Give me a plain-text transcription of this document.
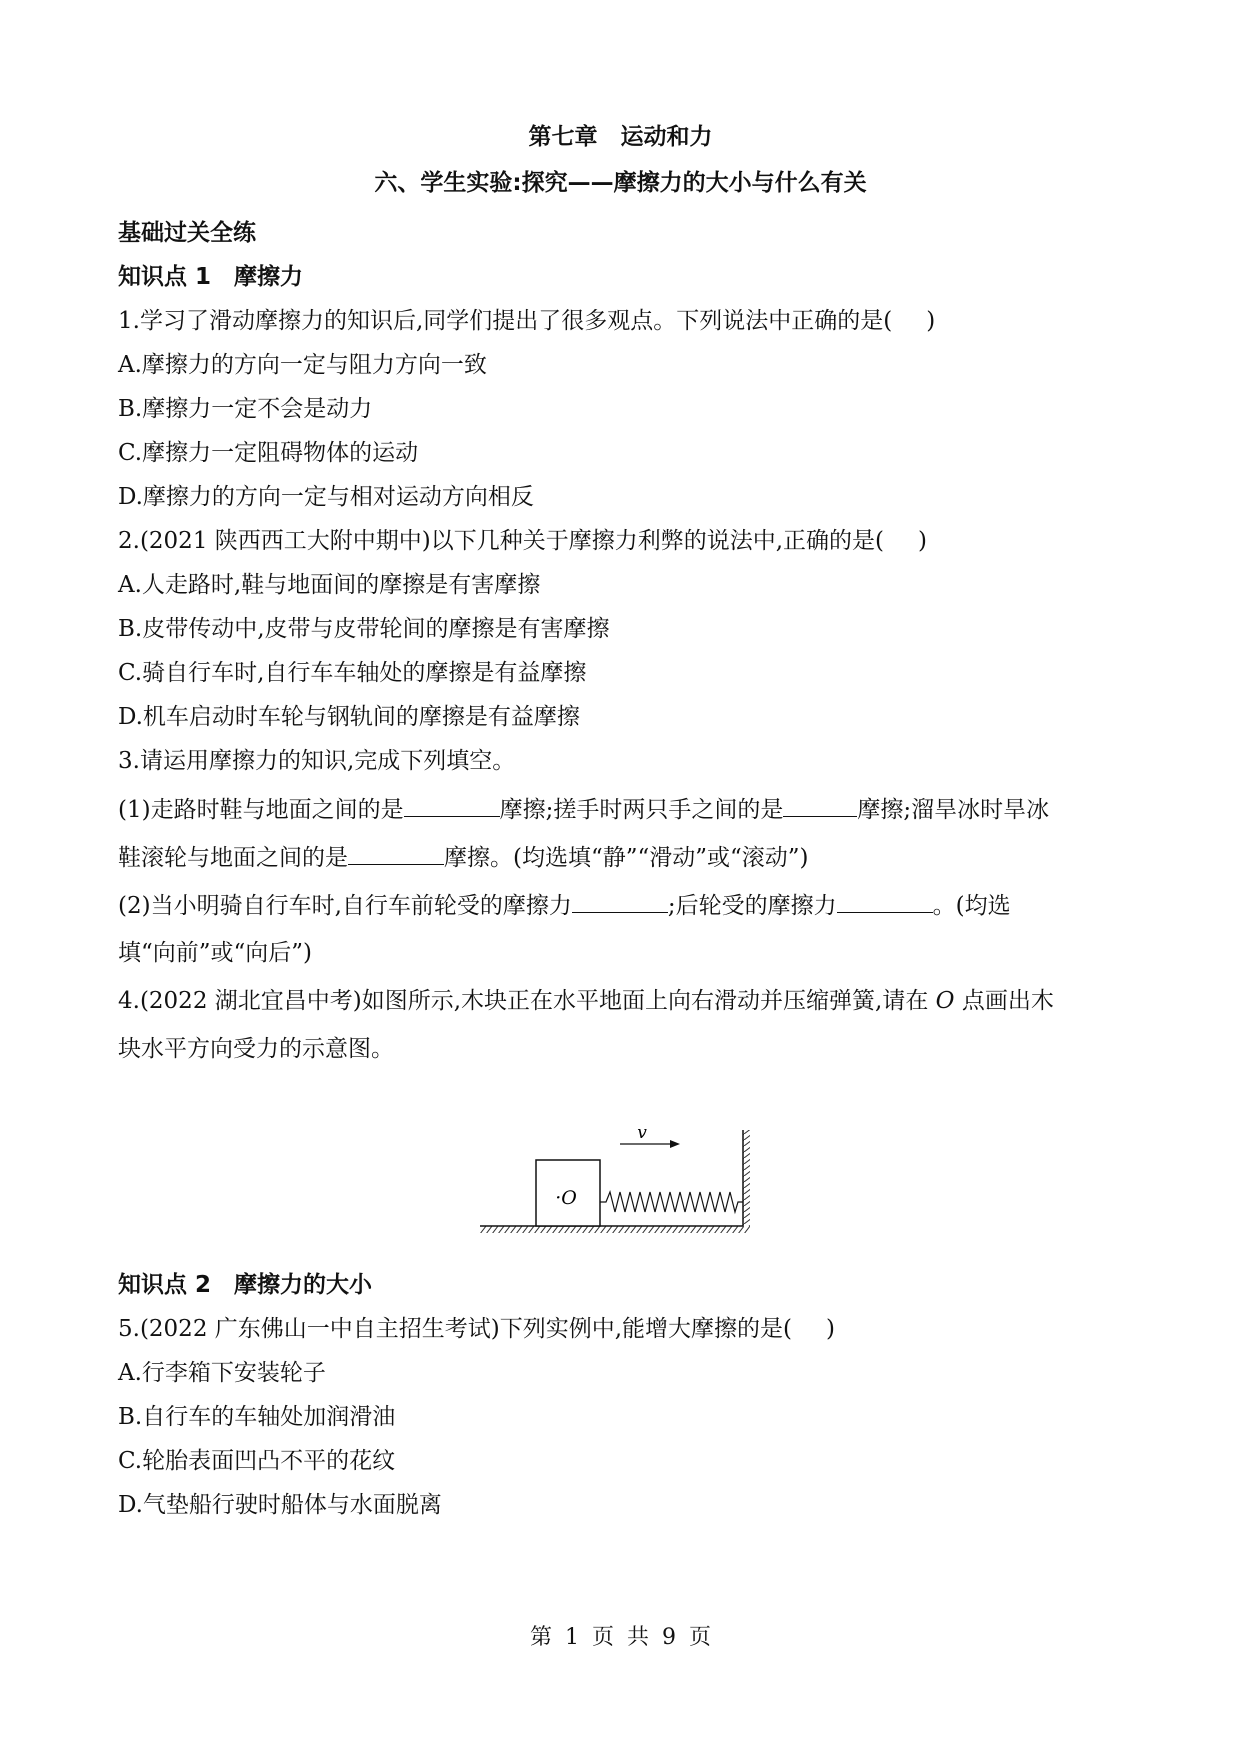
第七章　运动和力
六、学生实验:探究——摩擦力的大小与什么有关
基础过关全练
知识点 1　摩擦力
1.学习了滑动摩擦力的知识后,同学们提出了很多观点。下列说法中正确的是( )
A.摩擦力的方向一定与阻力方向一致
B.摩擦力一定不会是动力
C.摩擦力一定阻碍物体的运动
D.摩擦力的方向一定与相对运动方向相反
2.(2021 陕西西工大附中期中)以下几种关于摩擦力利弊的说法中,正确的是( )
A.人走路时,鞋与地面间的摩擦是有害摩擦
B.皮带传动中,皮带与皮带轮间的摩擦是有害摩擦
C.骑自行车时,自行车车轴处的摩擦是有益摩擦
D.机车启动时车轮与钢轨间的摩擦是有益摩擦
3.请运用摩擦力的知识,完成下列填空。
(1)走路时鞋与地面之间的是	摩擦;搓手时两只手之间的是	摩擦;溜旱冰时旱冰
鞋滚轮与地面之间的是	摩擦。(均选填“静”“滑动”或“滚动”)
(2)当小明骑自行车时,自行车前轮受的摩擦力	;后轮受的摩擦力	。(均选
填“向前”或“向后”)
4.(2022 湖北宜昌中考)如图所示,木块正在水平地面上向右滑动并压缩弹簧,请在 O 点画出木
块水平方向受力的示意图。
·O
v
知识点 2　摩擦力的大小
5.(2022 广东佛山一中自主招生考试)下列实例中,能增大摩擦的是( )
A.行李箱下安装轮子
B.自行车的车轴处加润滑油
C.轮胎表面凹凸不平的花纹
D.气垫船行驶时船体与水面脱离
第 1 页 共 9 页
